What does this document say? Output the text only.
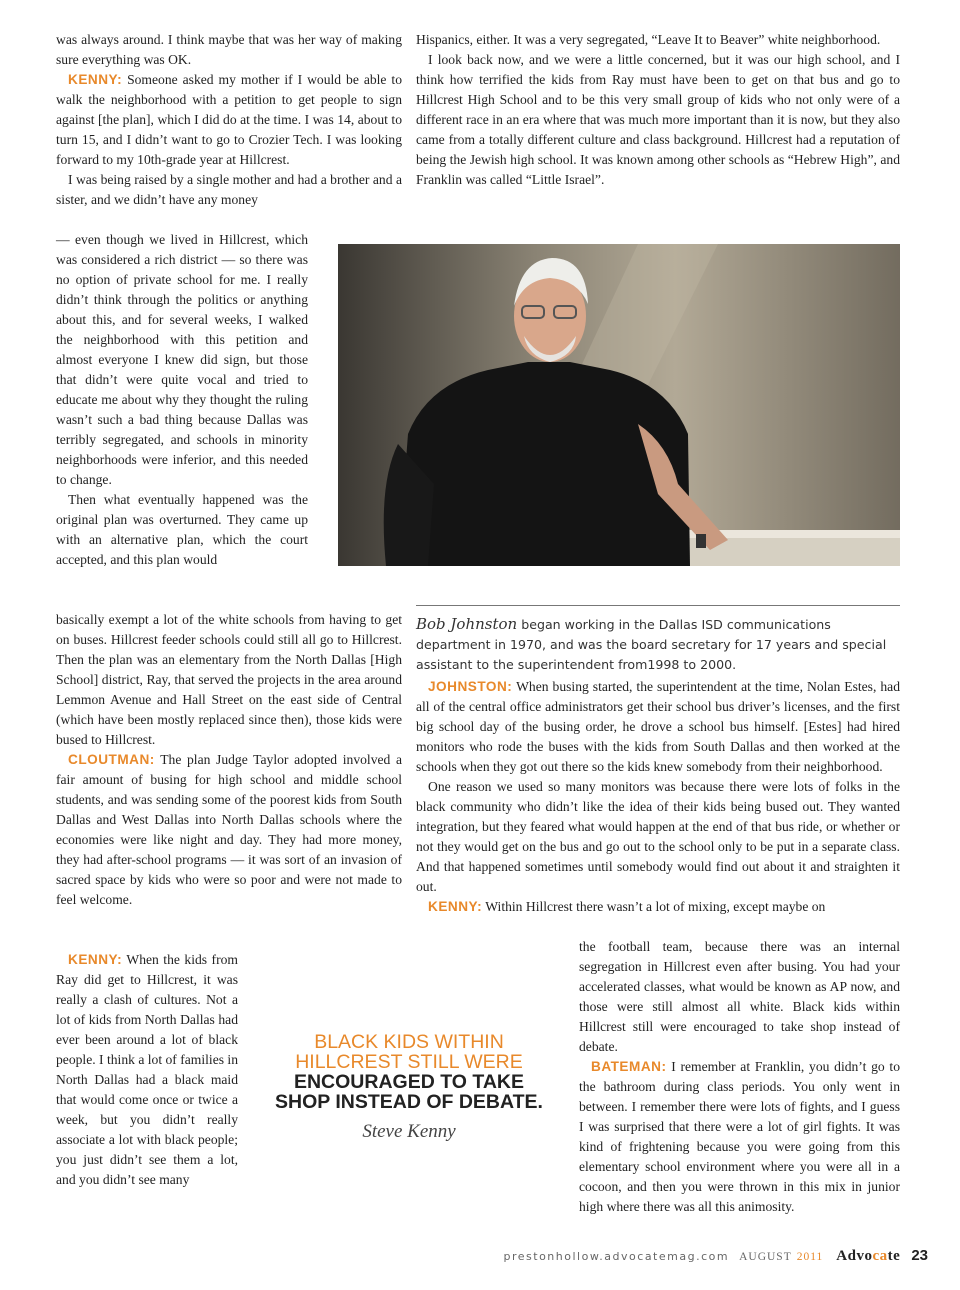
was always around. I think maybe that was her way of making sure everything was OK.

KENNY: Someone asked my mother if I would be able to walk the neighborhood with a petition to get people to sign against [the plan], which I did do at the time. I was 14, about to turn 15, and I didn’t want to go to Crozier Tech. I was looking forward to my 10th-grade year at Hillcrest.

I was being raised by a single mother and had a brother and a sister, and we didn’t have any money

— even though we lived in Hillcrest, which was considered a rich district — so there was no option of private school for me. I really didn’t think through the politics or anything about this, and for several weeks, I walked the neighborhood with this petition and almost everyone I knew did sign, but those that didn’t were quite vocal and tried to educate me about why they thought the ruling wasn’t such a bad thing because Dallas was terribly segregated, and schools in minority neighborhoods were inferior, and this needed to change.

Then what eventually happened was the original plan was overturned. They came up with an alternative plan, which the court accepted, and this plan would

basically exempt a lot of the white schools from having to get on buses. Hillcrest feeder schools could still all go to Hillcrest. Then the plan was an elementary from the North Dallas [High School] district, Ray, that served the projects in the area around Lemmon Avenue and Hall Street on the east side of Central (which have been mostly replaced since then), those kids were bused to Hillcrest.

CLOUTMAN: The plan Judge Taylor adopted involved a fair amount of busing for high school and middle school students, and was sending some of the poorest kids from South Dallas and West Dallas into North Dallas schools where the economies were like night and day. They had more money, they had after-school programs — it was sort of an invasion of sacred space by kids who were so poor and were not made to feel welcome.

KENNY: When the kids from Ray did get to Hillcrest, it was really a clash of cultures. Not a lot of kids from North Dallas had ever been around a lot of black people. I think a lot of families in North Dallas had a black maid that would come once or twice a week, but you didn’t really associate a lot with black people; you just didn’t see them a lot, and you didn’t see many

Hispanics, either. It was a very segregated, “Leave It to Beaver” white neighborhood.

I look back now, and we were a little concerned, but it was our high school, and I think how terrified the kids from Ray must have been to get on that bus and go to Hillcrest High School and to be this very small group of kids who not only were of a different race in an era where that was much more important than it is now, but they also came from a totally different culture and class background. Hillcrest had a reputation of being the Jewish high school. It was known among other schools as “Hebrew High”, and Franklin was called “Little Israel”.

Bob Johnston began working in the Dallas ISD communications department in 1970, and was the board secretary for 17 years and special assistant to the superintendent from1998 to 2000.

JOHNSTON: When busing started, the superintendent at the time, Nolan Estes, had all of the central office administrators get their school bus driver’s licenses, and the first big school day of the busing order, he drove a school bus himself. [Estes] had hired monitors who rode the buses with the kids from South Dallas and then worked at the schools when they got out there so the kids knew somebody from their neighborhood.

One reason we used so many monitors was because there were lots of folks in the black community who didn’t like the idea of their kids being bused out. They wanted integration, but they feared what would happen at the end of that bus ride, or whether or not they would get on the bus and go out to the school only to be put in a separate class. And that happened sometimes until somebody would find out about it and straighten it out.

KENNY: Within Hillcrest there wasn’t a lot of mixing, except maybe on

the football team, because there was an internal segregation in Hillcrest even after busing. You had your accelerated classes, what would be known as AP now, and those were still almost all white. Black kids within Hillcrest still were encouraged to take shop instead of debate.

BATEMAN: I remember at Franklin, you didn’t go to the bathroom during class periods. You only went in between. I remember there were lots of fights, and I guess I was surprised that there were a lot of girl fights. It was kind of frightening because you were going from this elementary school environment where you were all in a cocoon, and then you were thrown in this mix in junior high where there was all this animosity.

BLACK KIDS WITHIN HILLCREST STILL WERE ENCOURAGED TO TAKE SHOP INSTEAD OF DEBATE.
Steve Kenny
prestonhollow.advocatemag.com AUGUST 2011 Advocate 23
